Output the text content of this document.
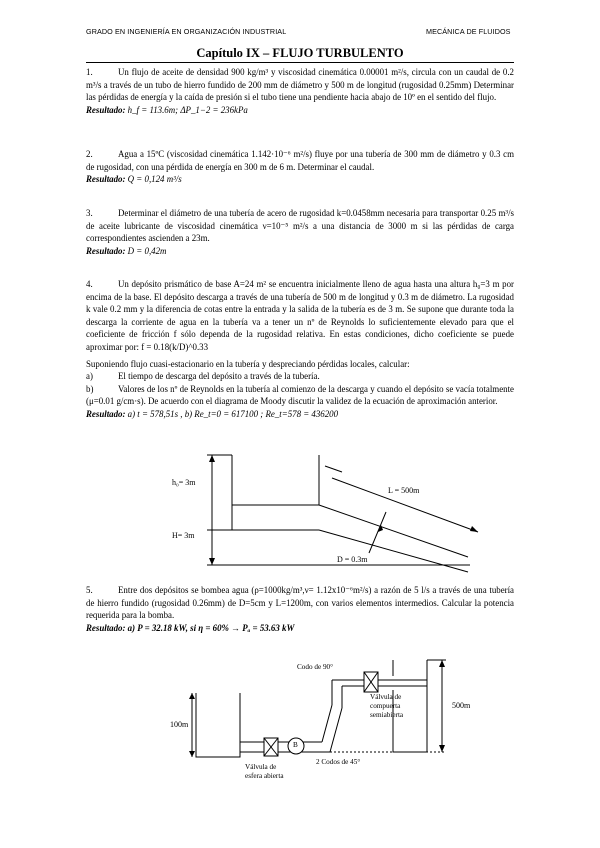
GRADO EN INGENIERÍA EN ORGANIZACIÓN INDUSTRIAL	MECÁNICA DE FLUIDOS
Capítulo IX – FLUJO TURBULENTO

1.	Un flujo de aceite de densidad 900 kg/m³ y viscosidad cinemática 0.00001 m²/s, circula con un caudal de 0.2 m³/s a través de un tubo de hierro fundido de 200 mm de diámetro y 500 m de longitud (rugosidad 0.25mm) Determinar las pérdidas de energía y la caída de presión si el tubo tiene una pendiente hacia abajo de 10º en el sentido del flujo.

Resultado: h_f = 113.6m; ΔP_1−2 = 236kPa

2.	Agua a 15ºC (viscosidad cinemática 1.142·10⁻⁶ m²/s) fluye por una tubería de 300 mm de diámetro y 0.3 cm de rugosidad, con una pérdida de energía en 300 m de 6 m. Determinar el caudal.

Resultado: Q = 0,124 m³/s

3.	Determinar el diámetro de una tubería de acero de rugosidad k=0.0458mm necesaria para transportar 0.25 m³/s de aceite lubricante de viscosidad cinemática ν=10⁻⁵ m²/s a una distancia de 3000 m si las pérdidas de carga correspondientes ascienden a 23m.

Resultado: D = 0,42m

4.	Un depósito prismático de base A=24 m² se encuentra inicialmente lleno de agua hasta una altura h₀=3 m por encima de la base. El depósito descarga a través de una tubería de 500 m de longitud y 0.3 m de diámetro. La rugosidad k vale 0.2 mm y la diferencia de cotas entre la entrada y la salida de la tubería es de 3 m. Se supone que durante toda la descarga la corriente de agua en la tubería va a tener un nº de Reynolds lo suficientemente elevado para que el coeficiente de fricción f sólo dependa de la rugosidad relativa. En estas condiciones, dicho coeficiente se puede aproximar por: f = 0.18(k/D)^0.33

Suponiendo flujo cuasi-estacionario en la tubería y despreciando pérdidas locales, calcular:

a)	El tiempo de descarga del depósito a través de la tubería.

b)	Valores de los nº de Reynolds en la tubería al comienzo de la descarga y cuando el depósito se vacía totalmente (μ=0.01 g/cm·s). De acuerdo con el diagrama de Moody discutir la validez de la ecuación de aproximación anterior.

Resultado: a) t = 578,51s , b) Re_t=0 = 617100 ; Re_t=578 = 436200

h₀= 3m
H= 3m
L = 500m
D = 0.3m

5.	Entre dos depósitos se bombea agua (ρ=1000kg/m³,ν= 1.12x10⁻⁶m²/s) a razón de 5 l/s a través de una tubería de hierro fundido (rugosidad 0.26mm) de D=5cm y L=1200m, con varios elementos intermedios. Calcular la potencia requerida para la bomba.

Resultado: a) P = 32.18 kW, si η = 60% → Pₐ = 53.63 kW

Codo de 90°
Válvula de compuerta semiabierta
500m
100m
B
Válvula de esfera abierta
2 Codos de 45°
